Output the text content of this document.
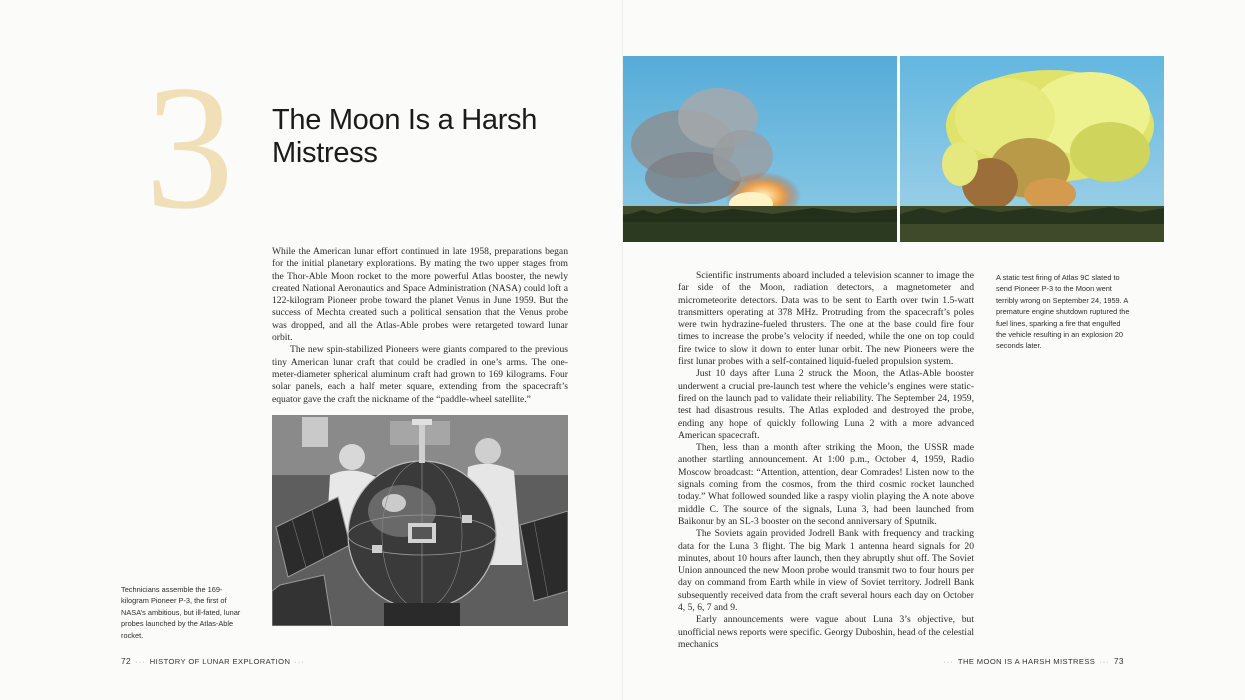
3 The Moon Is a Harsh Mistress

While the American lunar effort continued in late 1958, preparations began for the initial planetary explorations. By mating the two upper stages from the Thor-Able Moon rocket to the more powerful Atlas booster, the newly created National Aeronautics and Space Administration (NASA) could loft a 122-kilogram Pioneer probe toward the planet Venus in June 1959. But the success of Mechta created such a political sensation that the Venus probe was dropped, and all the Atlas-Able probes were retargeted toward lunar orbit.

The new spin-stabilized Pioneers were giants compared to the previous tiny American lunar craft that could be cradled in one’s arms. The one-meter-diameter spherical aluminum craft had grown to 169 kilograms. Four solar panels, each a half meter square, extending from the spacecraft’s equator gave the craft the nickname of the “paddle-wheel satellite.”

Technicians assemble the 169-kilogram Pioneer P-3, the first of NASA’s ambitious, but ill-fated, lunar probes launched by the Atlas-Able rocket.

72 ··· HISTORY OF LUNAR EXPLORATION ···

A static test firing of Atlas 9C slated to send Pioneer P-3 to the Moon went terribly wrong on September 24, 1959. A premature engine shutdown ruptured the fuel lines, sparking a fire that engulfed the vehicle resulting in an explosion 20 seconds later.

Scientific instruments aboard included a television scanner to image the far side of the Moon, radiation detectors, a magnetometer and micrometeorite detectors. Data was to be sent to Earth over twin 1.5-watt transmitters operating at 378 MHz. Protruding from the spacecraft’s poles were twin hydrazine-fueled thrusters. The one at the base could fire four times to increase the probe’s velocity if needed, while the one on top could fire twice to slow it down to enter lunar orbit. The new Pioneers were the first lunar probes with a self-contained liquid-fueled propulsion system.

Just 10 days after Luna 2 struck the Moon, the Atlas-Able booster underwent a crucial pre-launch test where the vehicle’s engines were static-fired on the launch pad to validate their reliability. The September 24, 1959, test had disastrous results. The Atlas exploded and destroyed the probe, ending any hope of quickly following Luna 2 with a more advanced American spacecraft.

Then, less than a month after striking the Moon, the USSR made another startling announcement. At 1:00 p.m., October 4, 1959, Radio Moscow broadcast: “Attention, attention, dear Comrades! Listen now to the signals coming from the cosmos, from the third cosmic rocket launched today.” What followed sounded like a raspy violin playing the A note above middle C. The source of the signals, Luna 3, had been launched from Baikonur by an SL-3 booster on the second anniversary of Sputnik.

The Soviets again provided Jodrell Bank with frequency and tracking data for the Luna 3 flight. The big Mark 1 antenna heard signals for 20 minutes, about 10 hours after launch, then they abruptly shut off. The Soviet Union announced the new Moon probe would transmit two to four hours per day on command from Earth while in view of Soviet territory. Jodrell Bank subsequently received data from the craft several hours each day on October 4, 5, 6, 7 and 9.

Early announcements were vague about Luna 3’s objective, but unofficial news reports were specific. Georgy Duboshin, head of the celestial mechanics

··· THE MOON IS A HARSH MISTRESS ··· 73
